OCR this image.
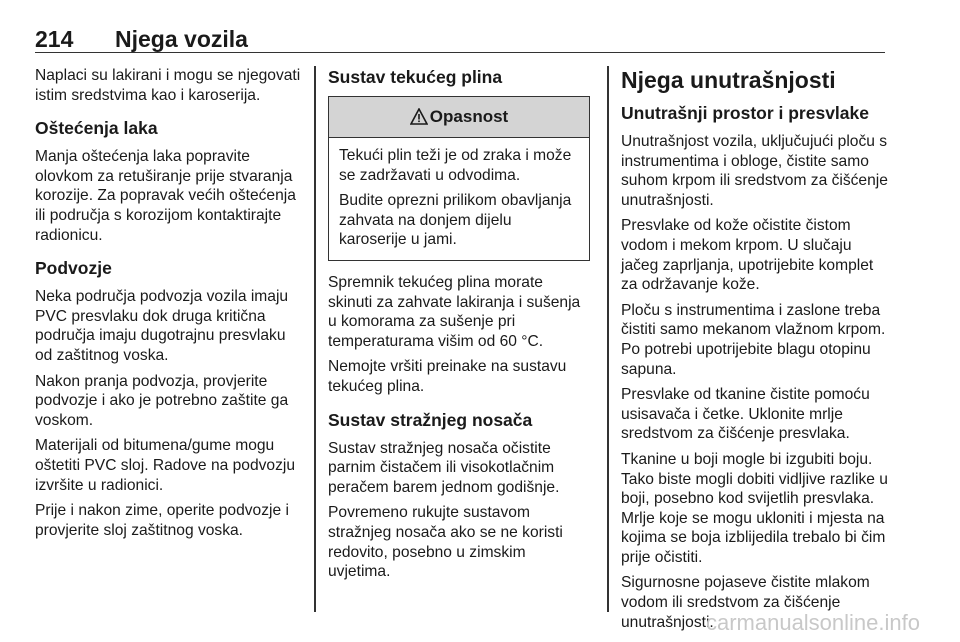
214 Njega vozila

Naplaci su lakirani i mogu se njegovati istim sredstvima kao i karoserija.

Oštećenja laka

Manja oštećenja laka popravite olovkom za retuširanje prije stvaranja korozije. Za popravak većih oštećenja ili područja s korozijom kontaktirajte radionicu.

Podvozje

Neka područja podvozja vozila imaju PVC presvlaku dok druga kritična područja imaju dugotrajnu presvlaku od zaštitnog voska.

Nakon pranja podvozja, provjerite podvozje i ako je potrebno zaštite ga voskom.

Materijali od bitumena/gume mogu oštetiti PVC sloj. Radove na podvozju izvršite u radionici.

Prije i nakon zime, operite podvozje i provjerite sloj zaštitnog voska.

Sustav tekućeg plina
Opasnost

Tekući plin teži je od zraka i može se zadržavati u odvodima.

Budite oprezni prilikom obavljanja zahvata na donjem dijelu karoserije u jami.

Spremnik tekućeg plina morate skinuti za zahvate lakiranja i sušenja u komorama za sušenje pri temperaturama višim od 60 °C.

Nemojte vršiti preinake na sustavu tekućeg plina.

Sustav stražnjeg nosača

Sustav stražnjeg nosača očistite parnim čistačem ili visokotlačnim peračem barem jednom godišnje.

Povremeno rukujte sustavom stražnjeg nosača ako se ne koristi redovito, posebno u zimskim uvjetima.

Njega unutrašnjosti
Unutrašnji prostor i presvlake

Unutrašnjost vozila, uključujući ploču s instrumentima i obloge, čistite samo suhom krpom ili sredstvom za čišćenje unutrašnjosti.

Presvlake od kože očistite čistom vodom i mekom krpom. U slučaju jačeg zaprljanja, upotrijebite komplet za održavanje kože.

Ploču s instrumentima i zaslone treba čistiti samo mekanom vlažnom krpom. Po potrebi upotrijebite blagu otopinu sapuna.

Presvlake od tkanine čistite pomoću usisavača i četke. Uklonite mrlje sredstvom za čišćenje presvlaka.

Tkanine u boji mogle bi izgubiti boju. Tako biste mogli dobiti vidljive razlike u boji, posebno kod svijetlih presvlaka. Mrlje koje se mogu ukloniti i mjesta na kojima se boja izblijedila trebalo bi čim prije očistiti.

Sigurnosne pojaseve čistite mlakom vodom ili sredstvom za čišćenje unutrašnjosti.

carmanualsonline.info
